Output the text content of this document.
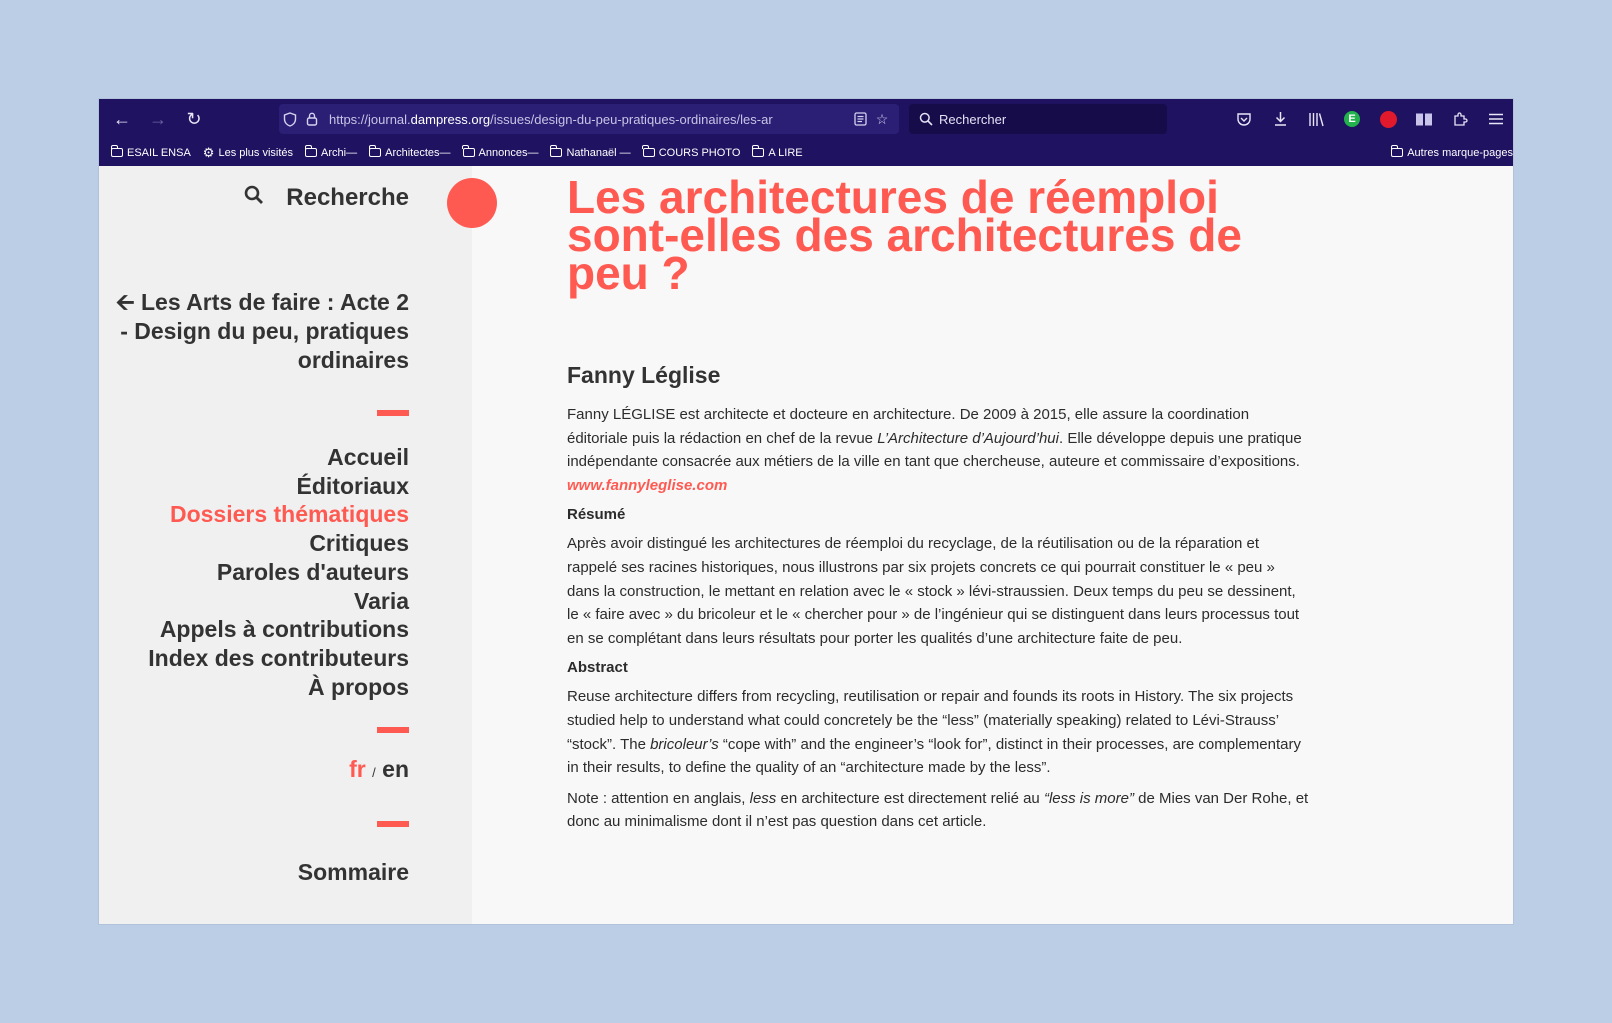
← →	↻	https://journal.dampress.org/issues/design-du-peu-pratiques-ordinaires/les-ar	☆	Rechercher	E
ESAIL ENSA ⚙ Les plus visités	Archi—	Architectes—	Annonces—	Nathanaël —	COURS PHOTO	A LIRE	Autres marque-pages
Recherche
🡨 Les Arts de faire : Acte 2 - Design du peu, pratiques ordinaires
Accueil
Éditoriaux
Dossiers thématiques
Critiques
Paroles d'auteurs
Varia
Appels à contributions
Index des contributeurs
À propos
fr / en
Sommaire
Les architectures de réemploi sont-elles des architectures de peu ?
Fanny Léglise
Fanny LÉGLISE est architecte et docteure en architecture. De 2009 à 2015, elle assure la coordination éditoriale puis la rédaction en chef de la revue L’Architecture d’Aujourd’hui. Elle développe depuis une pratique indépendante consacrée aux métiers de la ville en tant que chercheuse, auteure et commissaire d’expositions. www.fannyleglise.com
Résumé
Après avoir distingué les architectures de réemploi du recyclage, de la réutilisation ou de la réparation et rappelé ses racines historiques, nous illustrons par six projets concrets ce qui pourrait constituer le « peu » dans la construction, le mettant en relation avec le « stock » lévi-straussien. Deux temps du peu se dessinent, le « faire avec » du bricoleur et le « chercher pour » de l’ingénieur qui se distinguent dans leurs processus tout en se complétant dans leurs résultats pour porter les qualités d’une architecture faite de peu.
Abstract
Reuse architecture differs from recycling, reutilisation or repair and founds its roots in History. The six projects studied help to understand what could concretely be the “less” (materially speaking) related to Lévi-Strauss’ “stock”. The bricoleur’s “cope with” and the engineer’s “look for”, distinct in their processes, are complementary in their results, to define the quality of an “architecture made by the less”.
Note : attention en anglais, less en architecture est directement relié au “less is more” de Mies van Der Rohe, et donc au minimalisme dont il n’est pas question dans cet article.
